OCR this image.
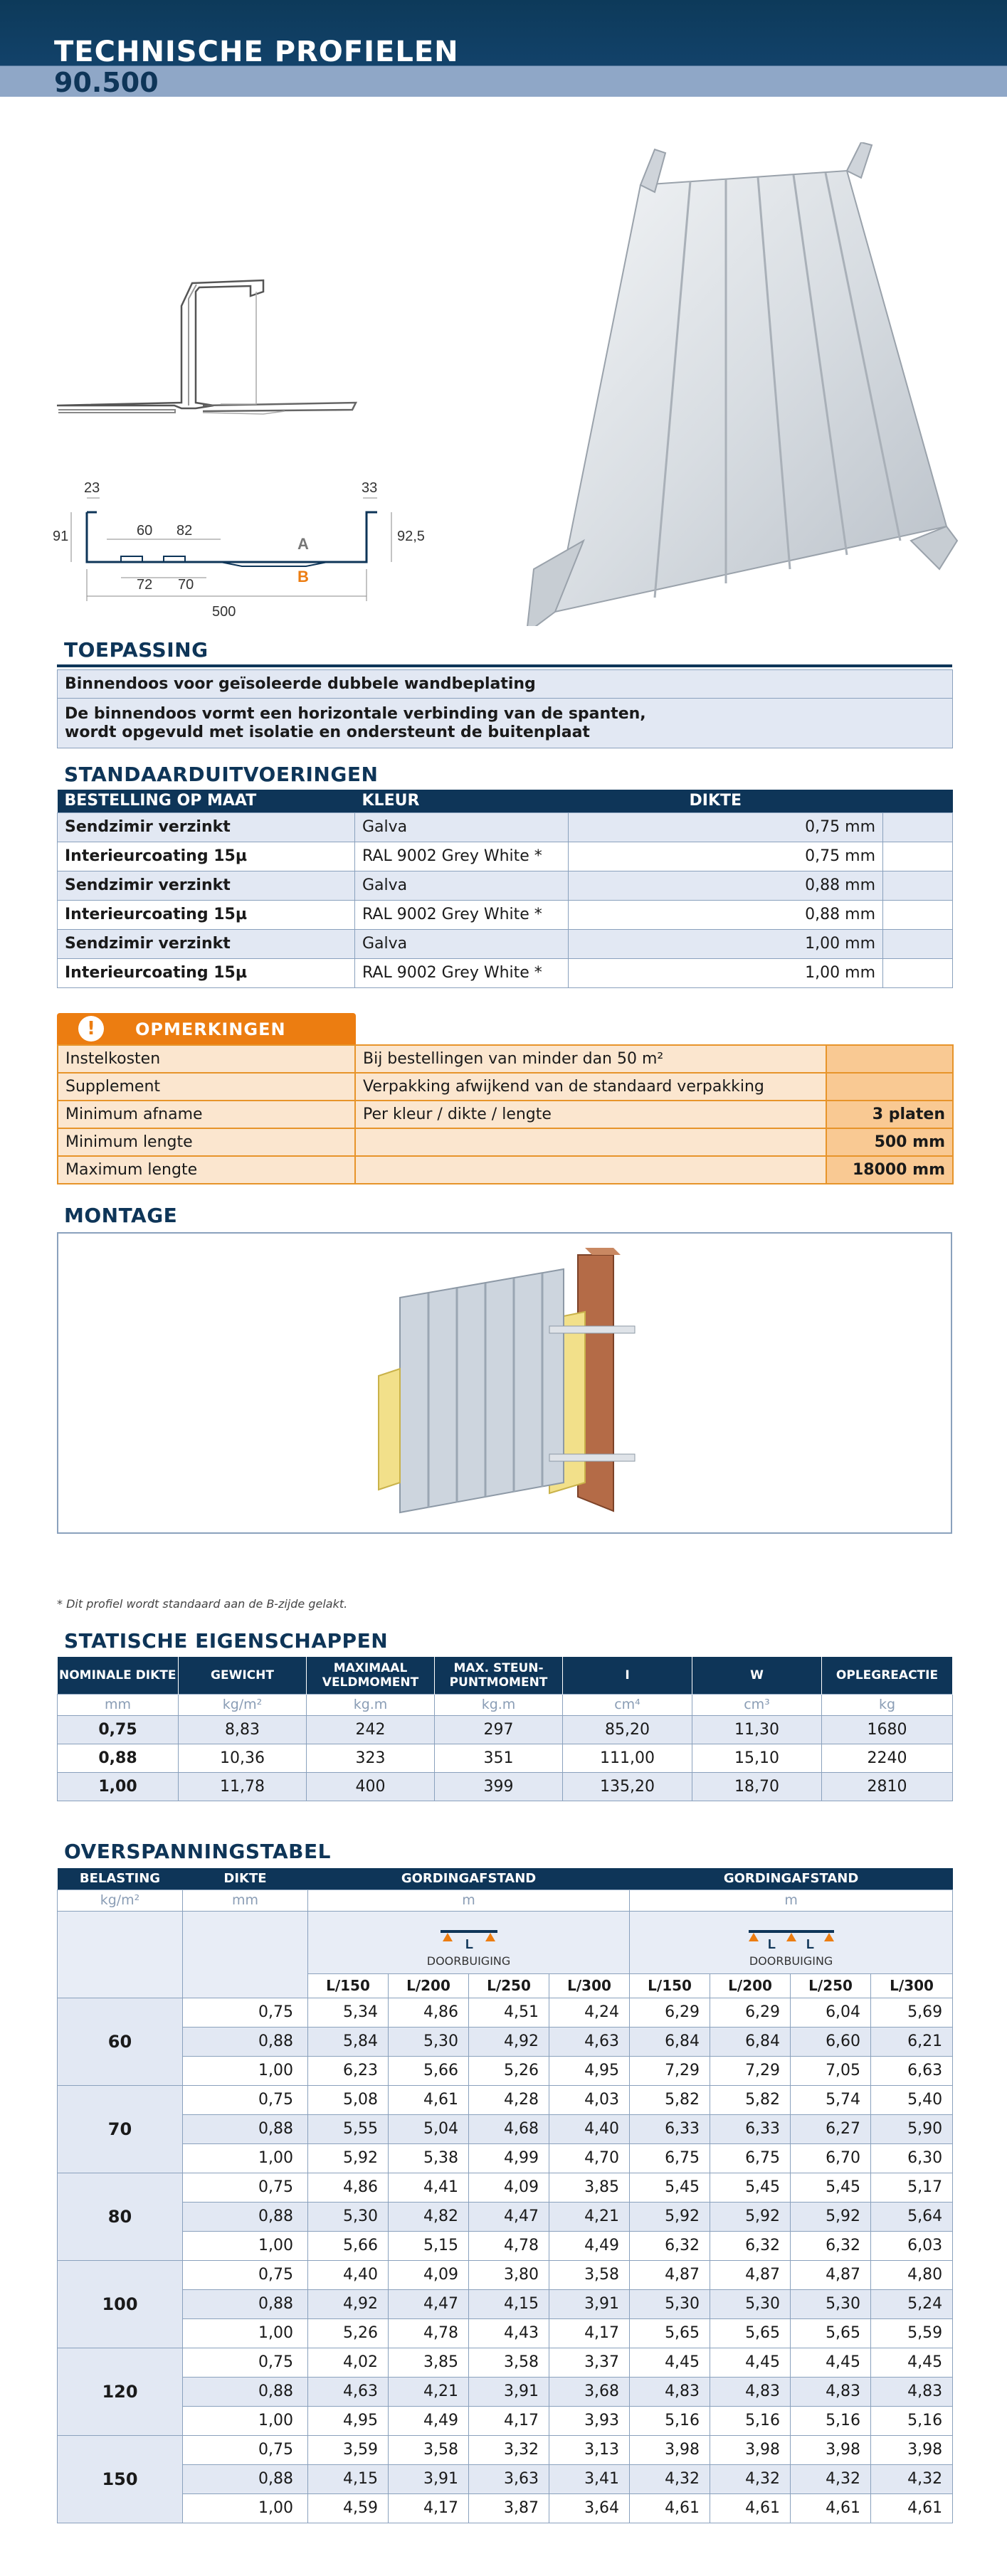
TECHNISCHE PROFIELEN
90.500
23	33
91	92,5
60 82
72 70
500
A
B
TOEPASSING
Binnendoos voor geïsoleerde dubbele wandbeplating

De binnendoos vormt een horizontale verbinding van de spanten,
wordt opgevuld met isolatie en ondersteunt de buitenplaat
STANDAARDUITVOERINGEN
BESTELLING OP MAAT	KLEUR	DIKTE	
Sendzimir verzinkt	Galva	0,75 mm	
Interieurcoating 15µ	RAL 9002 Grey White *	0,75 mm	
Sendzimir verzinkt	Galva	0,88 mm	
Interieurcoating 15µ	RAL 9002 Grey White *	0,88 mm	
Sendzimir verzinkt	Galva	1,00 mm	
Interieurcoating 15µ	RAL 9002 Grey White *	1,00 mm	
!	OPMERKINGEN
Instelkosten	Bij bestellingen van minder dan 50 m²	
Supplement	Verpakking afwijkend van de standaard verpakking	
Minimum afname	Per kleur / dikte / lengte	3 platen
Minimum lengte		500 mm
Maximum lengte		18000 mm
MONTAGE
* Dit profiel wordt standaard aan de B-zijde gelakt.
STATISCHE EIGENSCHAPPEN
NOMINALE DIKTE	GEWICHT	MAXIMAAL VELDMOMENT	MAX. STEUN-PUNTMOMENT	I	W	OPLEGREACTIE
mm	kg/m²	kg.m	kg.m	cm⁴	cm³	kg
0,75	8,83	242	297	85,20	11,30	1680
0,88	10,36	323	351	111,00	15,10	2240
1,00	11,78	400	399	135,20	18,70	2810
OVERSPANNINGSTABEL
BELASTING	DIKTE	GORDINGAFSTAND				GORDINGAFSTAND			
kg/m²	mm	m				m			

L
DOORBUIGING				L L
DOORBUIGING			

		L/150	L/200	L/250	L/300	L/150	L/200	L/250	L/300
60	0,75	5,34	4,86	4,51	4,24	6,29	6,29	6,04	5,69
	0,88	5,84	5,30	4,92	4,63	6,84	6,84	6,60	6,21
	1,00	6,23	5,66	5,26	4,95	7,29	7,29	7,05	6,63
70	0,75	5,08	4,61	4,28	4,03	5,82	5,82	5,74	5,40
	0,88	5,55	5,04	4,68	4,40	6,33	6,33	6,27	5,90
	1,00	5,92	5,38	4,99	4,70	6,75	6,75	6,70	6,30
80	0,75	4,86	4,41	4,09	3,85	5,45	5,45	5,45	5,17
	0,88	5,30	4,82	4,47	4,21	5,92	5,92	5,92	5,64
	1,00	5,66	5,15	4,78	4,49	6,32	6,32	6,32	6,03
100	0,75	4,40	4,09	3,80	3,58	4,87	4,87	4,87	4,80
	0,88	4,92	4,47	4,15	3,91	5,30	5,30	5,30	5,24
	1,00	5,26	4,78	4,43	4,17	5,65	5,65	5,65	5,59
120	0,75	4,02	3,85	3,58	3,37	4,45	4,45	4,45	4,45
	0,88	4,63	4,21	3,91	3,68	4,83	4,83	4,83	4,83
	1,00	4,95	4,49	4,17	3,93	5,16	5,16	5,16	5,16
150	0,75	3,59	3,58	3,32	3,13	3,98	3,98	3,98	3,98
	0,88	4,15	3,91	3,63	3,41	4,32	4,32	4,32	4,32
	1,00	4,59	4,17	3,87	3,64	4,61	4,61	4,61	4,61
